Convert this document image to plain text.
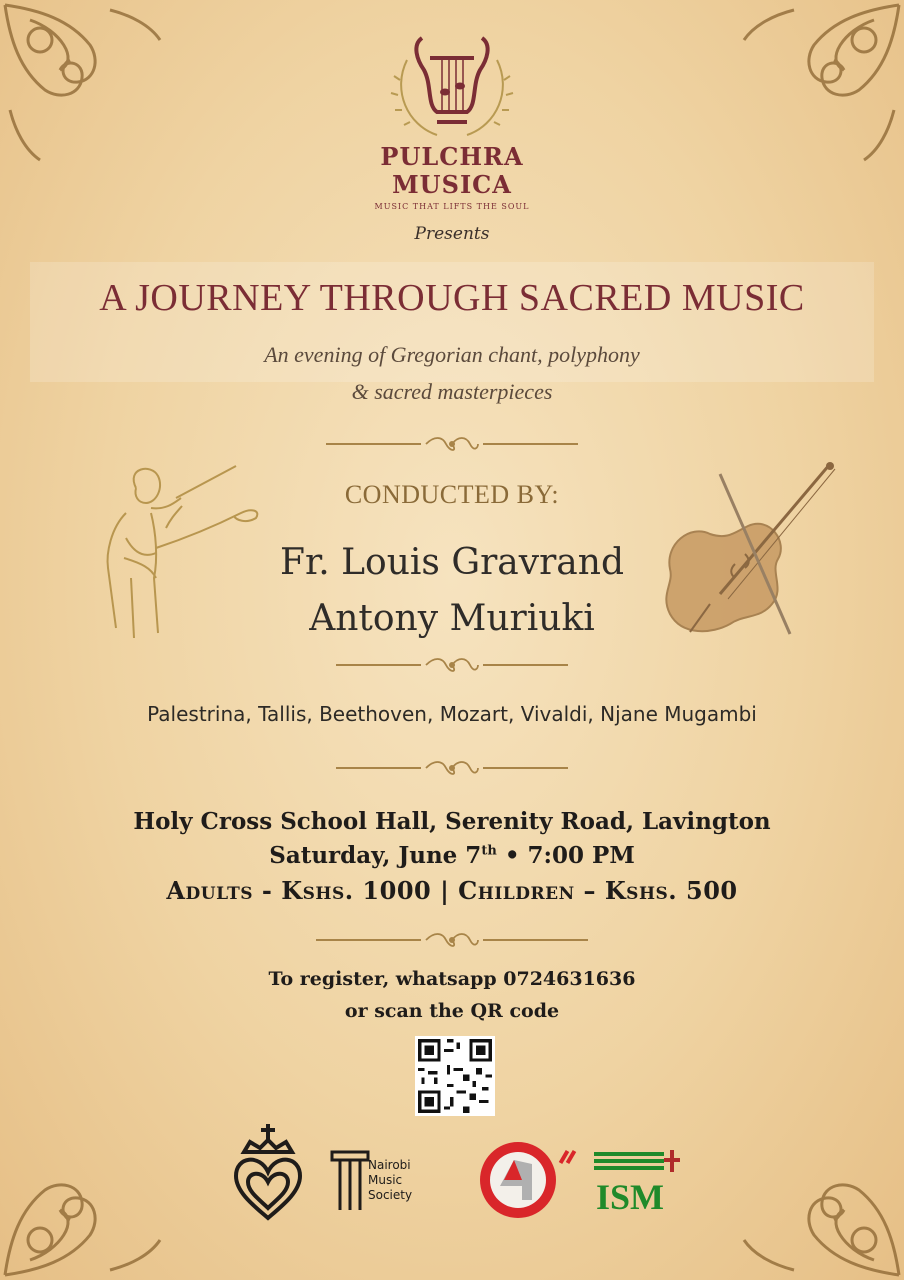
PULCHRA
MUSICA
MUSIC THAT LIFTS THE SOUL
Presents
A JOURNEY THROUGH SACRED MUSIC
An evening of Gregorian chant, polyphony
& sacred masterpieces
CONDUCTED BY:
Fr. Louis Gravrand
Antony Muriuki
Palestrina, Tallis, Beethoven, Mozart, Vivaldi, Njane Mugambi
Holy Cross School Hall, Serenity Road, Lavington
Saturday, June 7th • 7:00 PM
Adults - Kshs. 1000 | Children – Kshs. 500
To register, whatsapp 0724631636
or scan the QR code
Nairobi
Music
Society	ISM
